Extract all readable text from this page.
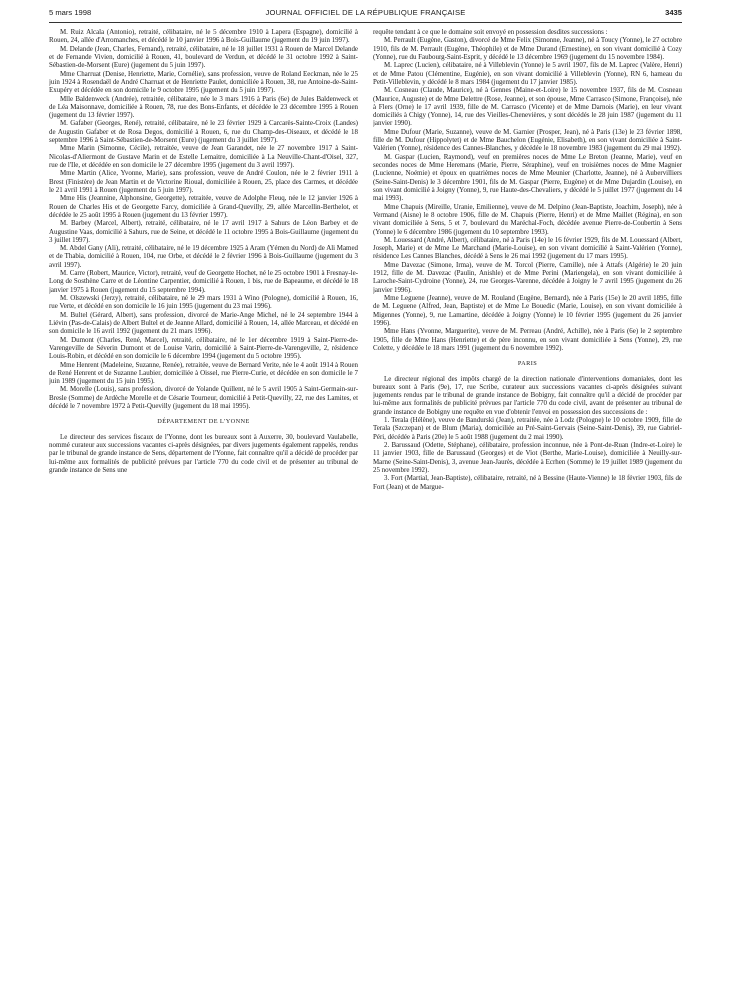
5 mars 1998	JOURNAL OFFICIEL DE LA RÉPUBLIQUE FRANÇAISE	3435

M. Ruiz Alcala (Antonio), retraité, célibataire, né le 5 décembre 1910 à Lapera (Espagne), domicilié à Rouen, 24, allée d'Arromanches, et décédé le 10 janvier 1996 à Bois-Guillaume (jugement du 19 juin 1997).

M. Delande (Jean, Charles, Fernand), retraité, célibataire, né le 18 juillet 1931 à Rouen de Marcel Delande et de Fernande Vivien, domicilié à Rouen, 41, boulevard de Verdun, et décédé le 31 octobre 1992 à Saint-Sébastien-de-Morsent (Eure) (jugement du 5 juin 1997).

Mme Charruat (Denise, Henriette, Marie, Cornélie), sans profession, veuve de Roland Eeckman, née le 25 juin 1924 à Rosendaël de André Charruat et de Henriette Paulet, domiciliée à Rouen, 38, rue Antoine-de-Saint-Exupéry et décédée en son domicile le 9 octobre 1995 (jugement du 5 juin 1997).

Mlle Baldenweck (Andrée), retraitée, célibataire, née le 3 mars 1916 à Paris (6e) de Jules Baldenweck et de Léa Maisonnave, domiciliée à Rouen, 78, rue des Bons-Enfants, et décédée le 23 décembre 1995 à Rouen (jugement du 13 février 1997).

M. Gafaber (Georges, René), retraité, célibataire, né le 23 février 1929 à Carcarès-Sainte-Croix (Landes) de Augustin Gafaber et de Rosa Degos, domicilié à Rouen, 6, rue du Champ-des-Oiseaux, et décédé le 18 septembre 1996 à Saint-Sébastien-de-Morsent (Eure) (jugement du 3 juillet 1997).

Mme Marin (Simonne, Cécile), retraitée, veuve de Jean Garandet, née le 27 novembre 1917 à Saint-Nicolas-d'Aliermont de Gustave Marin et de Estelle Lemaitre, domiciliée à La Neuville-Chant-d'Oisel, 327, rue de l'Ile, et décédée en son domicile le 27 décembre 1995 (jugement du 3 avril 1997).

Mme Martin (Alice, Yvonne, Marie), sans profession, veuve de André Coulon, née le 2 février 1911 à Brest (Finistère) de Jean Martin et de Victorine Rioual, domiciliée à Rouen, 25, place des Carmes, et décédée le 21 avril 1991 à Rouen (jugement du 5 juin 1997).

Mme His (Jeannine, Alphonsine, Georgette), retraitée, veuve de Adolphe Fleuq, née le 12 janvier 1926 à Rouen de Charles His et de Georgette Farcy, domiciliée à Grand-Quevilly, 29, allée Marcellin-Berthelot, et décédée le 25 août 1995 à Rouen (jugement du 13 février 1997).

M. Barbey (Marcel, Albert), retraité, célibataire, né le 17 avril 1917 à Sahurs de Léon Barbey et de Augustine Vaas, domicilié à Sahurs, rue de Seine, et décédé le 11 octobre 1995 à Bois-Guillaume (jugement du 3 juillet 1997).

M. Abdel Gany (Ali), retraité, célibataire, né le 19 décembre 1925 à Aram (Yémen du Nord) de Ali Mamed et de Thabia, domicilié à Rouen, 104, rue Orbe, et décédé le 2 février 1996 à Bois-Guillaume (jugement du 3 avril 1997).

M. Carre (Robert, Maurice, Victor), retraité, veuf de Georgette Hochet, né le 25 octobre 1901 à Fresnay-le-Long de Sosthène Carre et de Léontine Carpentier, domicilié à Rouen, 1 bis, rue de Bapeaume, et décédé le 18 janvier 1975 à Rouen (jugement du 15 septembre 1994).

M. Olszewski (Jerzy), retraité, célibataire, né le 29 mars 1931 à Wino (Pologne), domicilié à Rouen, 16, rue Verte, et décédé en son domicile le 16 juin 1995 (jugement du 23 mai 1996).

M. Bultel (Gérard, Albert), sans profession, divorcé de Marie-Ange Michel, né le 24 septembre 1944 à Liévin (Pas-de-Calais) de Albert Bultel et de Jeanne Allard, domicilié à Rouen, 14, allée Marceau, et décédé en son domicile le 16 avril 1992 (jugement du 21 mars 1996).

M. Dumont (Charles, René, Marcel), retraité, célibataire, né le 1er décembre 1919 à Saint-Pierre-de-Varengeville de Séverin Dumont et de Louise Varin, domicilié à Saint-Pierre-de-Varengeville, 2, résidence Louis-Robin, et décédé en son domicile le 6 décembre 1994 (jugement du 5 octobre 1995).

Mme Henrent (Madeleine, Suzanne, Renée), retraitée, veuve de Bernard Verite, née le 4 août 1914 à Rouen de René Henrent et de Suzanne Laubier, domiciliée à Oissel, rue Pierre-Curie, et décédée en son domicile le 7 juin 1989 (jugement du 15 juin 1995).

M. Morelle (Louis), sans profession, divorcé de Yolande Quillent, né le 5 avril 1905 à Saint-Germain-sur-Bresle (Somme) de Ardèche Morelle et de Césarie Tourneur, domicilié à Petit-Quevilly, 22, rue des Lamites, et décédé le 7 novembre 1972 à Petit-Quevilly (jugement du 18 mai 1995).

DÉPARTEMENT DE L'YONNE

Le directeur des services fiscaux de l'Yonne, dont les bureaux sont à Auxerre, 30, boulevard Vaulabelle, nommé curateur aux successions vacantes ci-après désignées, par divers jugements également rappelés, rendus par le tribunal de grande instance de Sens, département de l'Yonne, fait connaître qu'il a décidé de procéder par lui-même aux formalités de publicité prévues par l'article 770 du code civil et de présenter au tribunal de grande instance de Sens une

requête tendant à ce que le domaine soit envoyé en possession desdites successions :

M. Perrault (Eugène, Gaston), divorcé de Mme Felix (Simonne, Jeanne), né à Toucy (Yonne), le 27 octobre 1910, fils de M. Perrault (Eugène, Théophile) et de Mme Durand (Ernestine), en son vivant domicilié à Cozy (Yonne), rue du Faubourg-Saint-Esprit, y décédé le 13 décembre 1969 (jugement du 15 novembre 1984).

M. Laprec (Lucien), célibataire, né à Villeblevin (Yonne) le 5 avril 1907, fils de M. Laprec (Valère, Henri) et de Mme Patou (Clémentine, Eugénie), en son vivant domicilié à Villeblevin (Yonne), RN 6, hameau du Petit-Villeblevin, y décédé le 8 mars 1984 (jugement du 17 janvier 1985).

M. Cosneau (Claude, Maurice), né à Gennes (Maine-et-Loire) le 15 novembre 1937, fils de M. Cosneau (Maurice, Auguste) et de Mme Delettre (Rose, Jeanne), et son épouse, Mme Carrasco (Simone, Françoise), née à Flers (Orne) le 17 avril 1939, fille de M. Carrasco (Vicente) et de Mme Darnois (Marie), en leur vivant domiciliés à Chigy (Yonne), 14, rue des Vieilles-Chenevières, y sont décédés le 28 juin 1987 (jugement du 11 janvier 1990).

Mme Dufour (Marie, Suzanne), veuve de M. Garnier (Prosper, Jean), né à Paris (13e) le 23 février 1898, fille de M. Dufour (Hippolytet) et de Mme Bauchelon (Eugénie, Elisabeth), en son vivant domiciliée à Saint-Valérien (Yonne), résidence des Cannes-Blanches, y décédée le 18 novembre 1983 (jugement du 29 mai 1992).

M. Gaspar (Lucien, Raymond), veuf en premières noces de Mme Le Breton (Jeanne, Marie), veuf en secondes noces de Mme Heremans (Marie, Pierre, Séraphine), veuf en troisièmes noces de Mme Magnier (Lucienne, Noémie) et époux en quatrièmes noces de Mme Meunier (Charlotte, Jeanne), né à Aubervilliers (Seine-Saint-Denis) le 3 décembre 1901, fils de M. Gaspar (Pierre, Eugène) et de Mme Dujardin (Louise), en son vivant domicilié à Joigny (Yonne), 9, rue Haute-des-Chevaliers, y décédé le 5 juillet 1977 (jugement du 14 mai 1993).

Mme Chapuis (Mireille, Uranie, Emilienne), veuve de M. Delpino (Jean-Baptiste, Joachim, Joseph), née à Vermand (Aisne) le 8 octobre 1906, fille de M. Chapuis (Pierre, Henri) et de Mme Maillet (Régina), en son vivant domiciliée à Sens, 5 et 7, boulevard du Maréchal-Foch, décédée avenue Pierre-de-Coubertin à Sens (Yonne) le 6 décembre 1986 (jugement du 10 septembre 1993).

M. Louessard (André, Albert), célibataire, né à Paris (14e) le 16 février 1929, fils de M. Louessard (Albert, Joseph, Marie) et de Mme Le Marchand (Marie-Louise), en son vivant domicilié à Saint-Valérien (Yonne), résidence Les Cannes Blanches, décédé à Sens le 26 mai 1992 (jugement du 17 mars 1995).

Mme Davezac (Simone, Irma), veuve de M. Torcol (Pierre, Camille), née à Attafs (Algérie) le 20 juin 1912, fille de M. Davezac (Paulin, Anishle) et de Mme Perini (Mariengela), en son vivant domiciliée à Laroche-Saint-Cydroine (Yonne), 24, rue Georges-Varenne, décédée à Joigny le 7 avril 1995 (jugement du 26 janvier 1996).

Mme Leguene (Jeanne), veuve de M. Rouland (Eugène, Bernard), née à Paris (15e) le 20 avril 1895, fille de M. Leguene (Alfred, Jean, Baptiste) et de Mme Le Bouedic (Marie, Louise), en son vivant domiciliée à Migennes (Yonne), 9, rue Lamartine, décédée à Joigny (Yonne) le 10 février 1995 (jugement du 26 janvier 1996).

Mme Hans (Yvonne, Marguerite), veuve de M. Perreau (André, Achille), née à Paris (6e) le 2 septembre 1905, fille de Mme Hans (Henriette) et de père inconnu, en son vivant domiciliée à Sens (Yonne), 29, rue Colette, y décédée le 18 mars 1991 (jugement du 6 novembre 1992).

PARIS

Le directeur régional des impôts chargé de la direction nationale d'interventions domaniales, dont les bureaux sont à Paris (9e), 17, rue Scribe, curateur aux successions vacantes ci-après désignées suivant jugements rendus par le tribunal de grande instance de Bobigny, fait connaître qu'il a décidé de procéder par lui-même aux formalités de publicité prévues par l'article 770 du code civil, avant de présenter au tribunal de grande instance de Bobigny une requête en vue d'obtenir l'envoi en possession des successions de :

1. Terala (Hélène), veuve de Bandurski (Jean), retraitée, née à Lodz (Pologne) le 10 octobre 1909, fille de Terala (Szczepan) et de Blum (Maria), domiciliée au Pré-Saint-Gervais (Seine-Saint-Denis), 39, rue Gabriel-Péri, décédée à Paris (20e) le 5 août 1988 (jugement du 2 mai 1990).

2. Barussaud (Odette, Stéphane), célibataire, profession inconnue, née à Pont-de-Ruan (Indre-et-Loire) le 11 janvier 1903, fille de Barussaud (Georges) et de Viot (Berthe, Marie-Louise), domiciliée à Neuilly-sur-Marne (Seine-Saint-Denis), 3, avenue Jean-Jaurès, décédée à Ecrhen (Somme) le 19 juillet 1989 (jugement du 25 novembre 1992).

3. Fort (Martial, Jean-Baptiste), célibataire, retraité, né à Bessine (Haute-Vienne) le 18 février 1903, fils de Fort (Jean) et de Margue-
